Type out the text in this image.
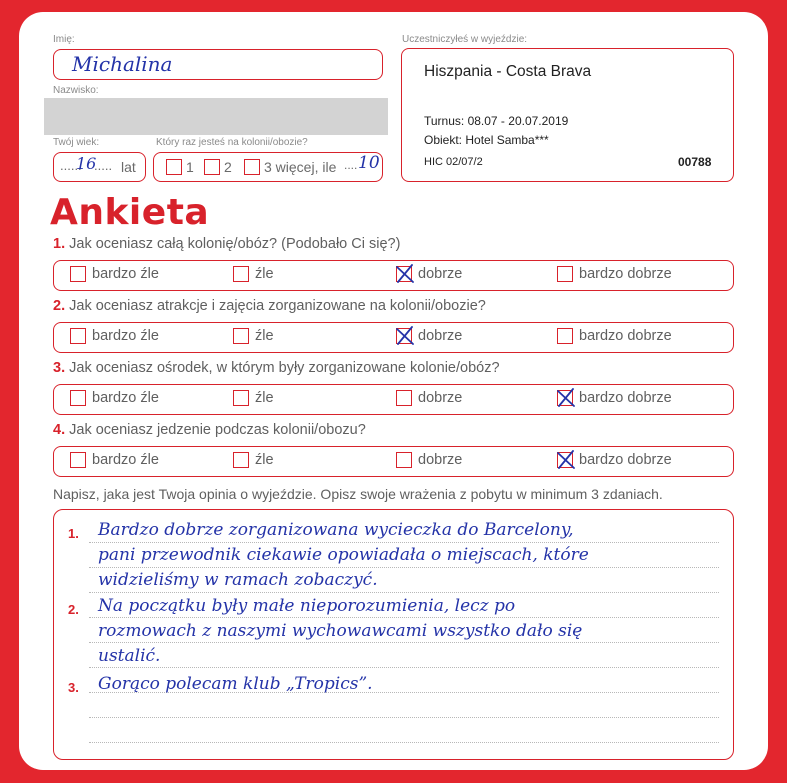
Imię:
Michalina
Nazwisko:
Twój wiek:
......
16
..... lat
Który raz jesteś na kolonii/obozie?
1 2 3 więcej, ile .... 10
Uczestniczyłeś w wyjeździe:
Hiszpania - Costa Brava
Turnus: 08.07 - 20.07.2019
Obiekt: Hotel Samba***
HIC 02/07/2	00788
Ankieta
1. Jak oceniasz całą kolonię/obóz? (Podobało Ci się?)
bardzo źle	źle	dobrze	bardzo dobrze
2. Jak oceniasz atrakcje i zajęcia zorganizowane na kolonii/obozie?
bardzo źle	źle	dobrze	bardzo dobrze
3. Jak oceniasz ośrodek, w którym były zorganizowane kolonie/obóz?
bardzo źle	źle	dobrze	bardzo dobrze
4. Jak oceniasz jedzenie podczas kolonii/obozu?
bardzo źle	źle	dobrze	bardzo dobrze
Napisz, jaka jest Twoja opinia o wyjeździe. Opisz swoje wrażenia z pobytu w minimum 3 zdaniach.
1.
2.
3.
Bardzo dobrze zorganizowana wycieczka do Barcelony,
pani przewodnik ciekawie opowiadała o miejscach, które
widzieliśmy w ramach zobaczyć.
Na początku były małe nieporozumienia, lecz po
rozmowach z naszymi wychowawcami wszystko dało się
ustalić.
Gorąco polecam klub „Tropics”.
